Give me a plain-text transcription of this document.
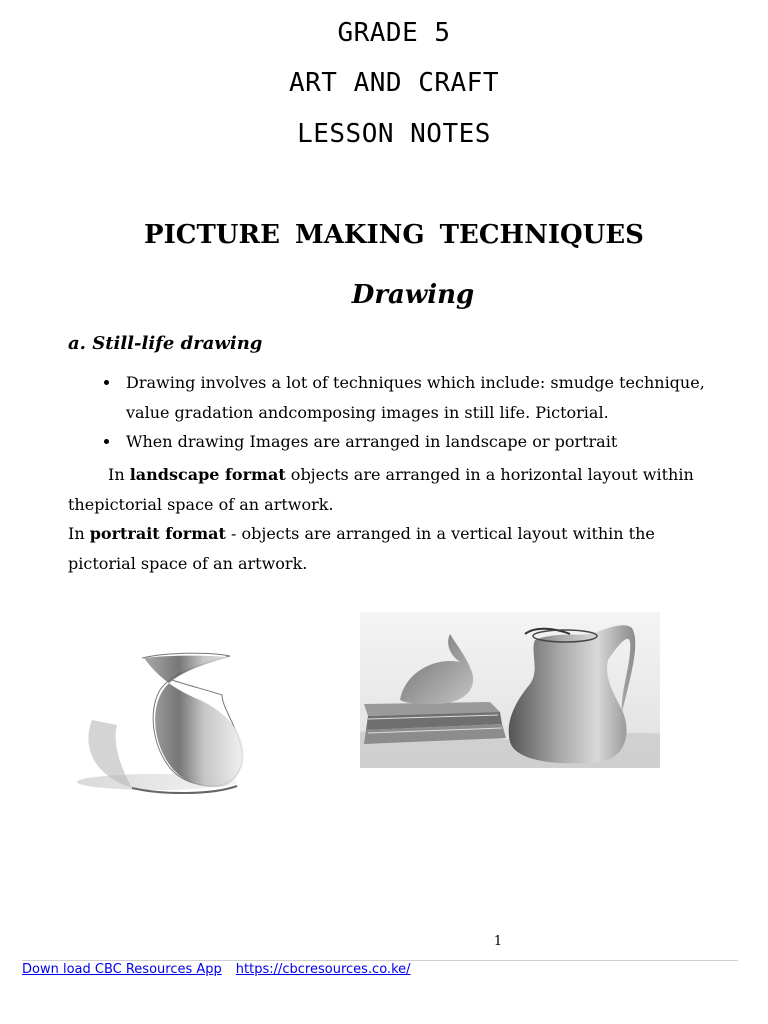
GRADE 5
ART AND CRAFT
LESSON NOTES
PICTURE MAKING TECHNIQUES
Drawing
a. Still-life drawing
Drawing involves a lot of techniques which include: smudge technique, value gradation andcomposing images in still life. Pictorial.
When drawing Images are arranged in landscape or portrait
In landscape format objects are arranged in a horizontal layout within thepictorial space of an artwork.
In portrait format - objects are arranged in a vertical layout within the pictorial space of an artwork.
1
Down load CBC Resources App https://cbcresources.co.ke/
